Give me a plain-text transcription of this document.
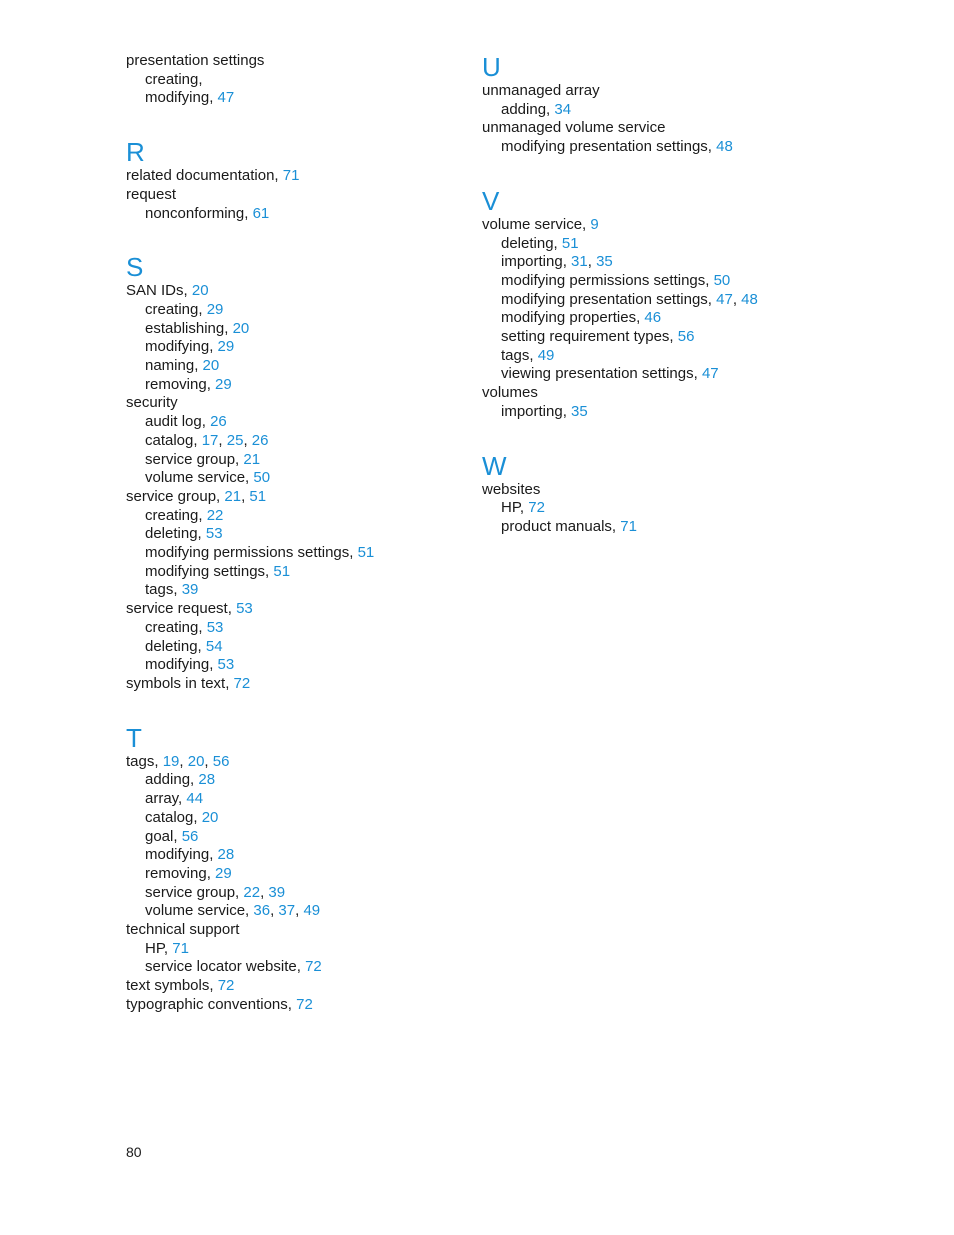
presentation settings
creating,
modifying, 47
R
related documentation, 71
request
nonconforming, 61
S
SAN IDs, 20
creating, 29
establishing, 20
modifying, 29
naming, 20
removing, 29
security
audit log, 26
catalog, 17, 25, 26
service group, 21
volume service, 50
service group, 21, 51
creating, 22
deleting, 53
modifying permissions settings, 51
modifying settings, 51
tags, 39
service request, 53
creating, 53
deleting, 54
modifying, 53
symbols in text, 72
T
tags, 19, 20, 56
adding, 28
array, 44
catalog, 20
goal, 56
modifying, 28
removing, 29
service group, 22, 39
volume service, 36, 37, 49
technical support
HP, 71
service locator website, 72
text symbols, 72
typographic conventions, 72
U
unmanaged array
adding, 34
unmanaged volume service
modifying presentation settings, 48
V
volume service, 9
deleting, 51
importing, 31, 35
modifying permissions settings, 50
modifying presentation settings, 47, 48
modifying properties, 46
setting requirement types, 56
tags, 49
viewing presentation settings, 47
volumes
importing, 35
W
websites
HP, 72
product manuals, 71
80
